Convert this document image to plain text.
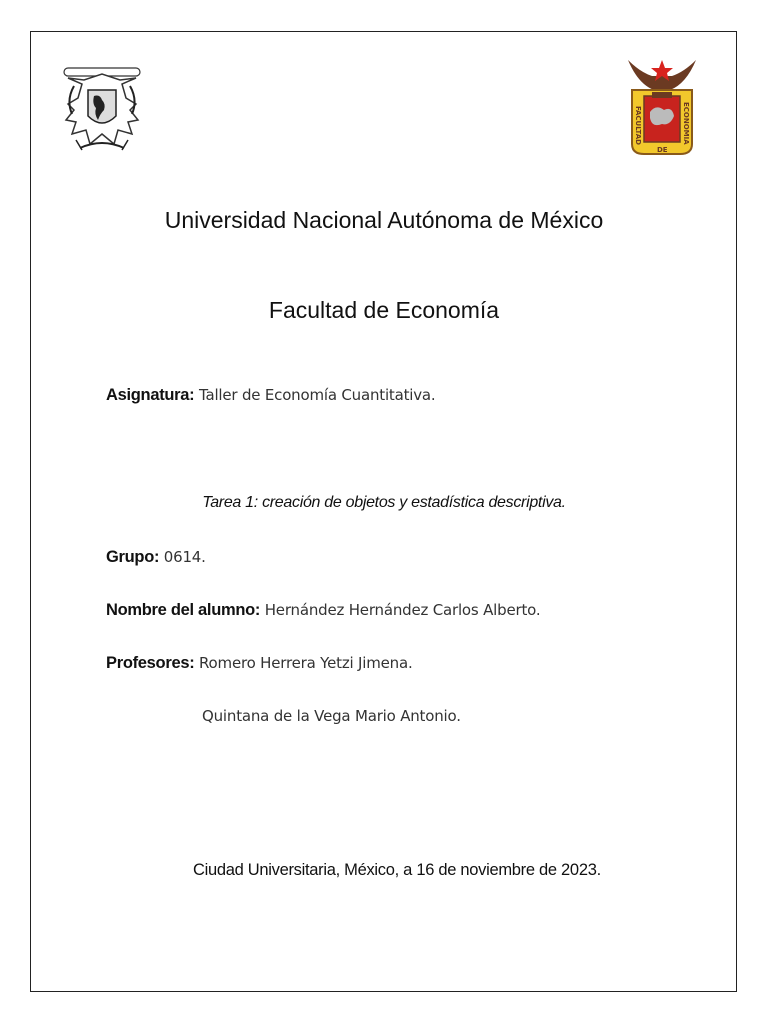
FACULTAD	ECONOMIA
DE
Universidad Nacional Autónoma de México
Facultad de Economía
Asignatura: Taller de Economía Cuantitativa.
Tarea 1: creación de objetos y estadística descriptiva.
Grupo: 0614.
Nombre del alumno: Hernández Hernández Carlos Alberto.
Profesores: Romero Herrera Yetzi Jimena.
Quintana de la Vega Mario Antonio.
Ciudad Universitaria, México, a 16 de noviembre de 2023.
